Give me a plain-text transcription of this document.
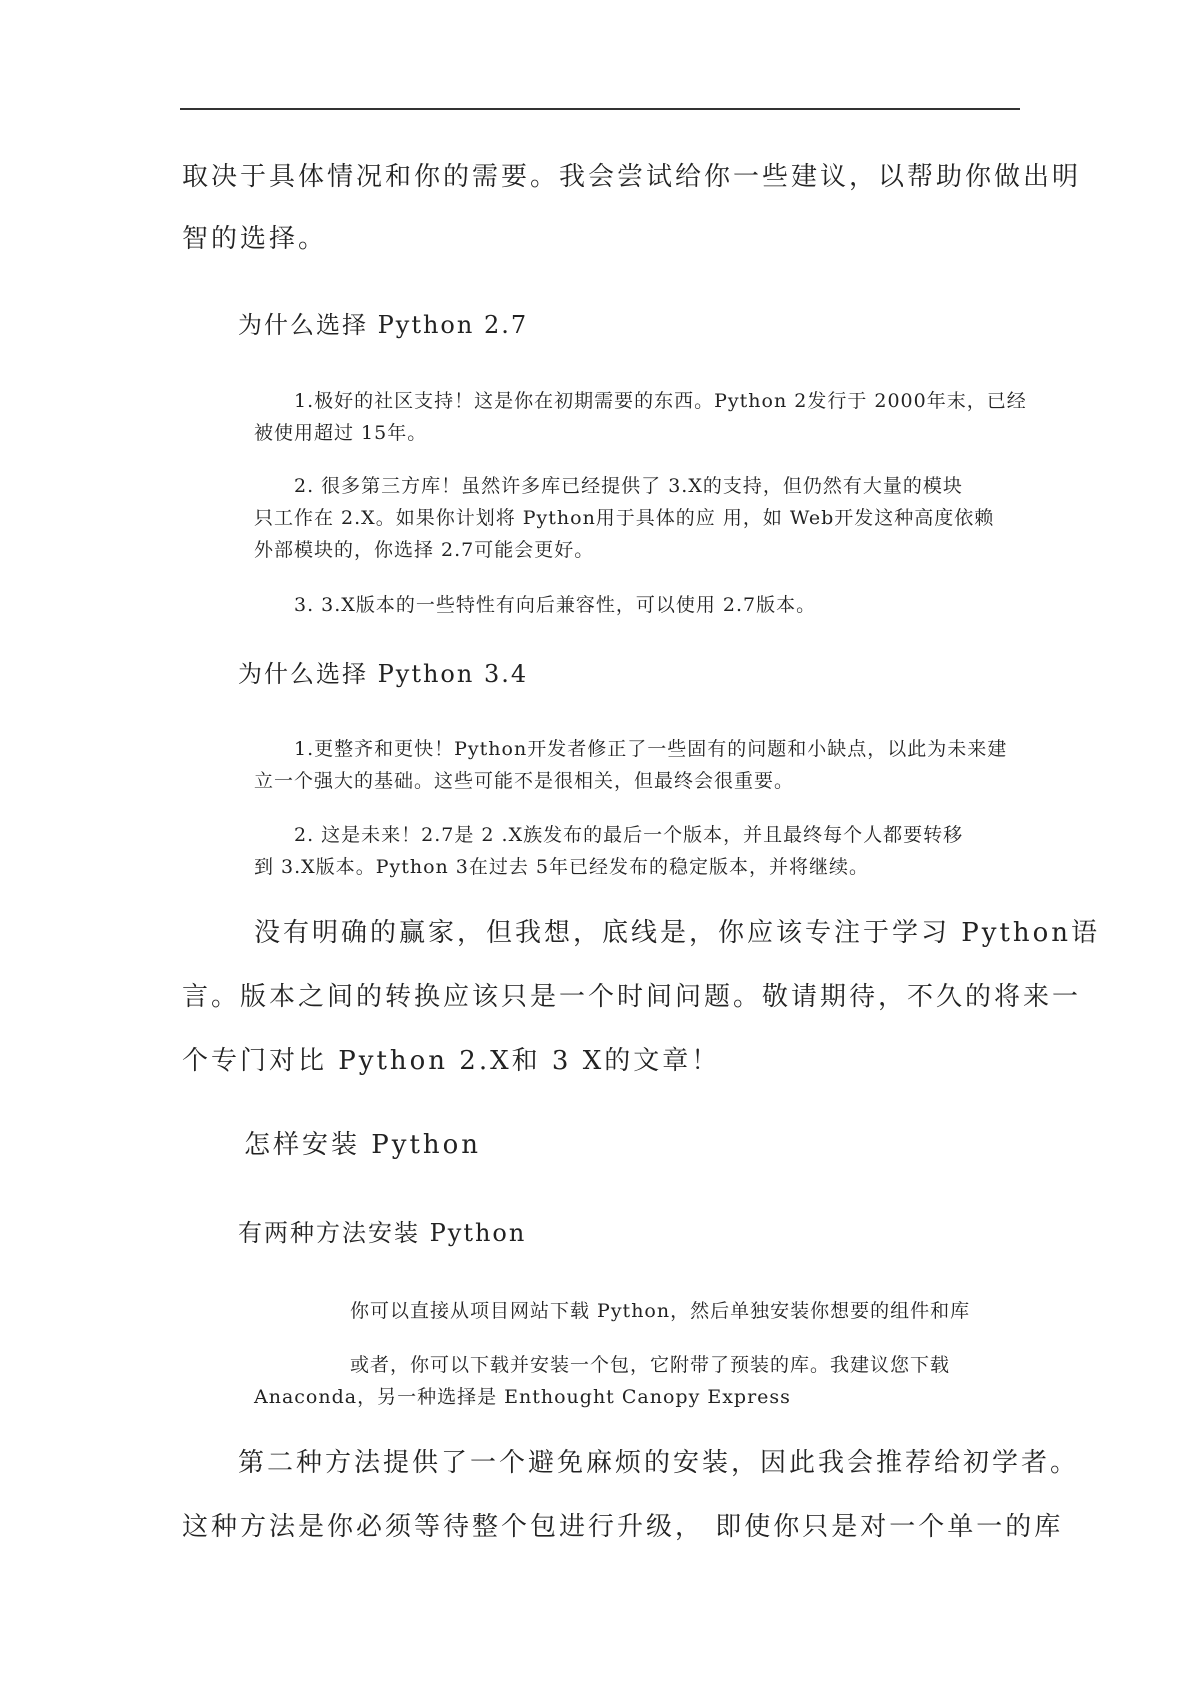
取决于具体情况和你的需要。我会尝试给你一些建议，以帮助你做出明
智的选择。
为什么选择 Python 2.7
1.极好的社区支持！这是你在初期需要的东西。Python 2发行于 2000年末，已经
被使用超过 15年。
2. 很多第三方库！虽然许多库已经提供了 3.X的支持，但仍然有大量的模块
只工作在 2.X。如果你计划将 Python用于具体的应 用，如 Web开发这种高度依赖
外部模块的，你选择 2.7可能会更好。
3. 3.X版本的一些特性有向后兼容性，可以使用 2.7版本。
为什么选择 Python 3.4
1.更整齐和更快！Python开发者修正了一些固有的问题和小缺点，以此为未来建
立一个强大的基础。这些可能不是很相关，但最终会很重要。
2. 这是未来！2.7是 2 .X族发布的最后一个版本，并且最终每个人都要转移
到 3.X版本。Python 3在过去 5年已经发布的稳定版本，并将继续。
没有明确的赢家，但我想，底线是，你应该专注于学习 Python语
言。版本之间的转换应该只是一个时间问题。敬请期待，不久的将来一
个专门对比 Python 2.X和 3 X的文章！
怎样安装 Python
有两种方法安装 Python
你可以直接从项目网站下载 Python，然后单独安装你想要的组件和库
或者，你可以下载并安装一个包，它附带了预装的库。我建议您下载
Anaconda，另一种选择是 Enthought Canopy Express
第二种方法提供了一个避免麻烦的安装，因此我会推荐给初学者。
这种方法是你必须等待整个包进行升级， 即使你只是对一个单一的库
